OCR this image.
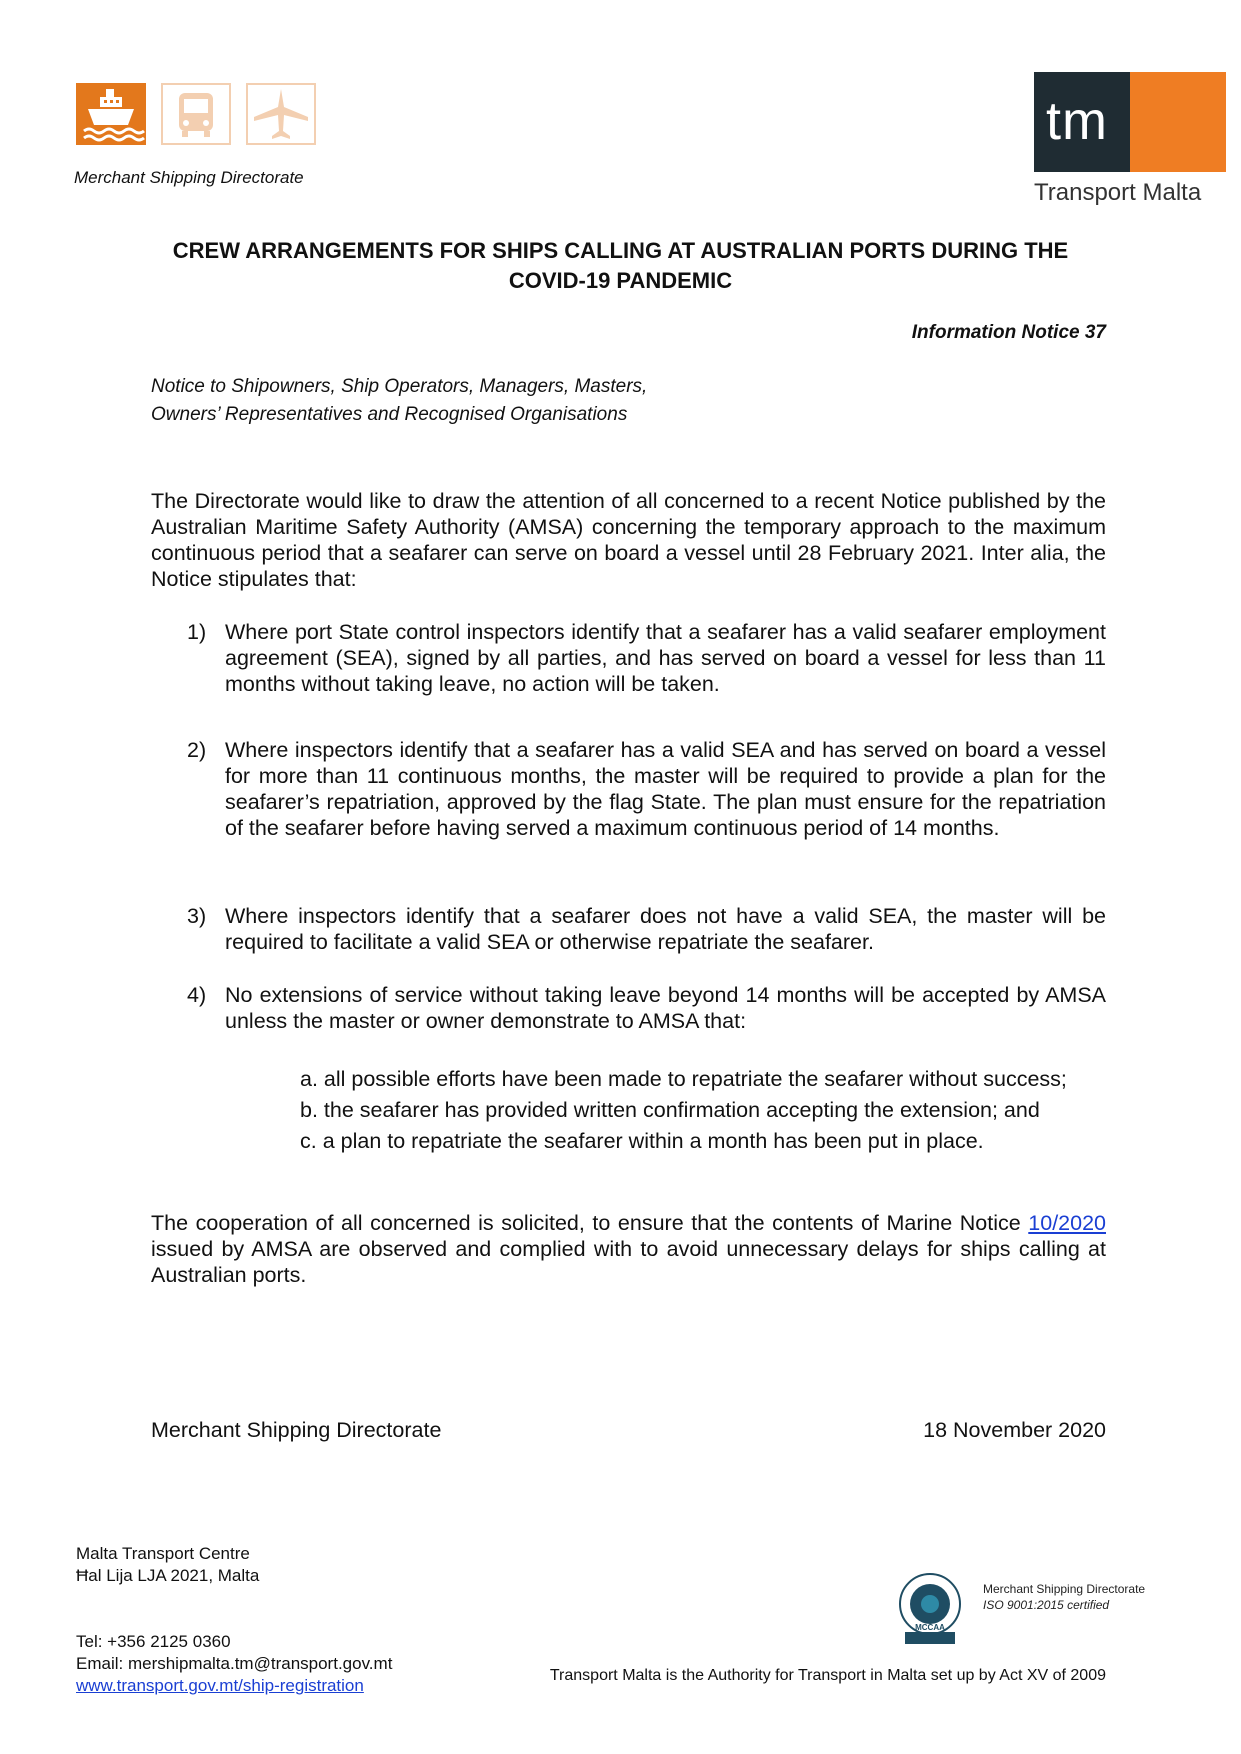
Merchant Shipping Directorate
tm
Transport Malta
CREW ARRANGEMENTS FOR SHIPS CALLING AT AUSTRALIAN PORTS DURING THE
COVID-19 PANDEMIC
Information Notice 37
Notice to Shipowners, Ship Operators, Managers, Masters,
Owners’ Representatives and Recognised Organisations
The Directorate would like to draw the attention of all concerned to a recent Notice published by the Australian Maritime Safety Authority (AMSA) concerning the temporary approach to the maximum continuous period that a seafarer can serve on board a vessel until 28 February 2021. Inter alia, the Notice stipulates that:
1) Where port State control inspectors identify that a seafarer has a valid seafarer employment agreement (SEA), signed by all parties, and has served on board a vessel for less than 11 months without taking leave, no action will be taken.
2) Where inspectors identify that a seafarer has a valid SEA and has served on board a vessel for more than 11 continuous months, the master will be required to provide a plan for the seafarer’s repatriation, approved by the flag State. The plan must ensure for the repatriation of the seafarer before having served a maximum continuous period of 14 months.
3) Where inspectors identify that a seafarer does not have a valid SEA, the master will be required to facilitate a valid SEA or otherwise repatriate the seafarer.
4) No extensions of service without taking leave beyond 14 months will be accepted by AMSA unless the master or owner demonstrate to AMSA that:
a. all possible efforts have been made to repatriate the seafarer without success;
b. the seafarer has provided written confirmation accepting the extension; and
c. a plan to repatriate the seafarer within a month has been put in place.
The cooperation of all concerned is solicited, to ensure that the contents of Marine Notice 10/2020 issued by AMSA are observed and complied with to avoid unnecessary delays for ships calling at Australian ports.
Merchant Shipping Directorate	18 November 2020
Malta Transport Centre
Ħal Lija LJA 2021, Malta
Tel: +356 2125 0360
Email: mershipmalta.tm@transport.gov.mt
www.transport.gov.mt/ship-registration
MCCAA
Merchant Shipping Directorate
ISO 9001:2015 certified
Transport Malta is the Authority for Transport in Malta set up by Act XV of 2009
